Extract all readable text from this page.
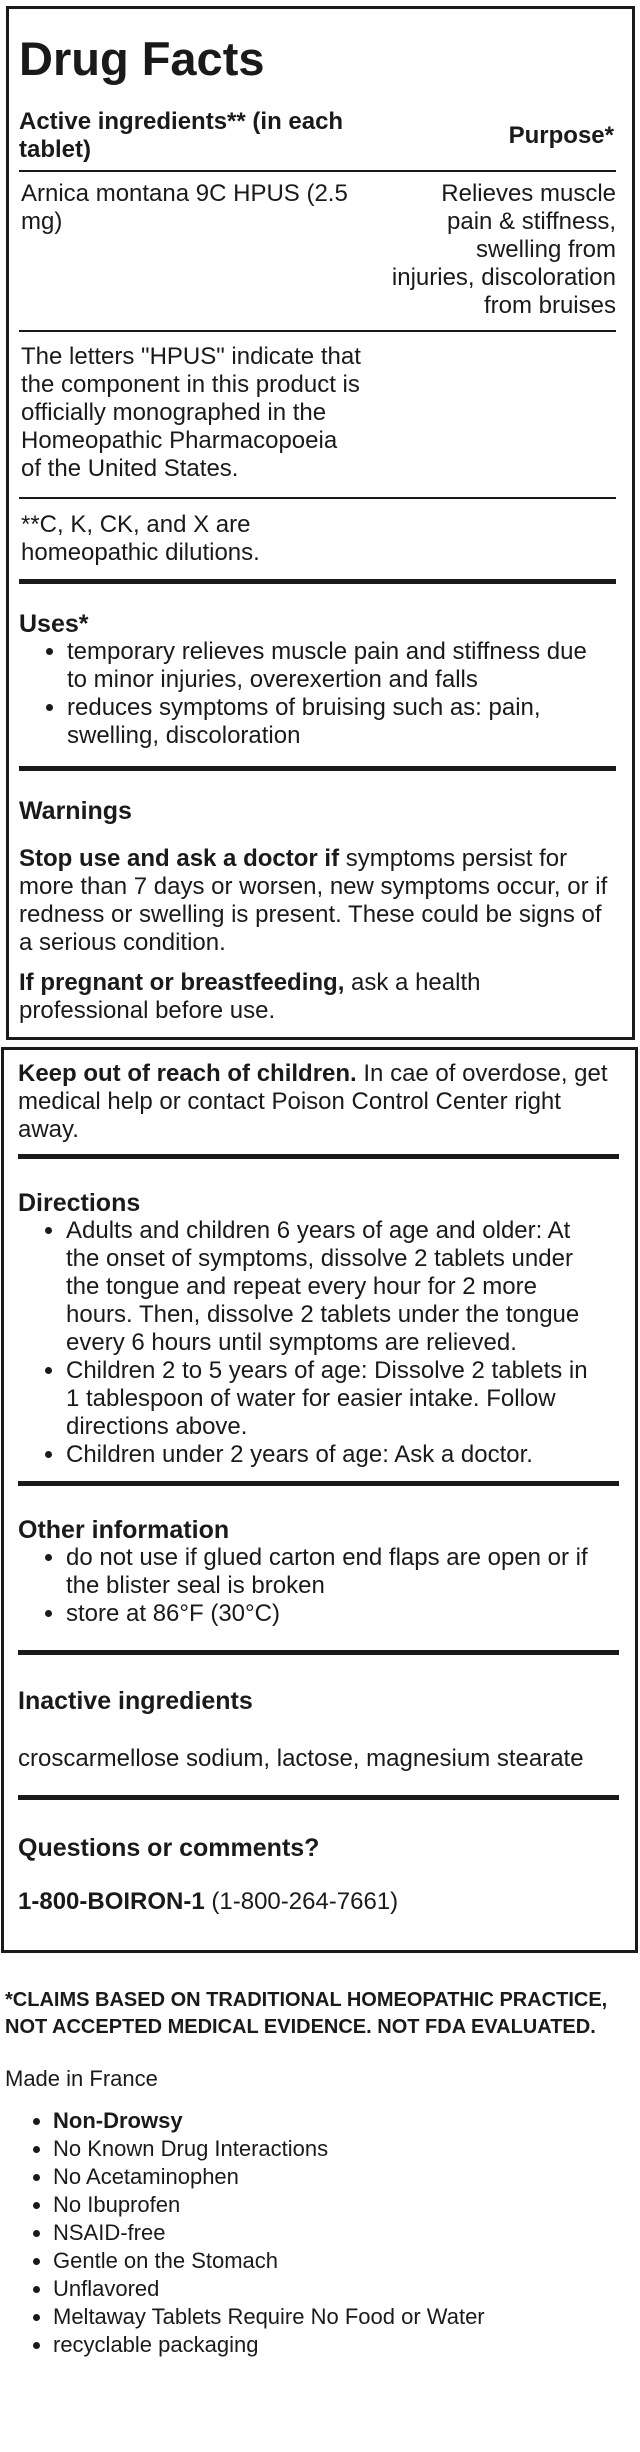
Drug Facts
Active ingredients** (in each tablet)
Purpose*
Arnica montana 9C HPUS (2.5 mg)
Relieves muscle
pain & stiffness,
swelling from
injuries, discoloration
from bruises
The letters "HPUS" indicate that the component in this product is officially monographed in the Homeopathic Pharmacopoeia of the United States.
**C, K, CK, and X are homeopathic dilutions.
Uses*
• temporary relieves muscle pain and stiffness due to minor injuries, overexertion and falls
• reduces symptoms of bruising such as: pain, swelling, discoloration
Warnings

Stop use and ask a doctor if symptoms persist for more than 7 days or worsen, new symptoms occur, or if redness or swelling is present. These could be signs of a serious condition.

If pregnant or breastfeeding, ask a health professional before use.

Keep out of reach of children. In cae of overdose, get medical help or contact Poison Control Center right away.

Directions
• Adults and children 6 years of age and older: At the onset of symptoms, dissolve 2 tablets under the tongue and repeat every hour for 2 more hours. Then, dissolve 2 tablets under the tongue every 6 hours until symptoms are relieved.
• Children 2 to 5 years of age: Dissolve 2 tablets in 1 tablespoon of water for easier intake. Follow directions above.
• Children under 2 years of age: Ask a doctor.
Other information
• do not use if glued carton end flaps are open or if the blister seal is broken
• store at 86°F (30°C)
Inactive ingredients

croscarmellose sodium, lactose, magnesium stearate

Questions or comments?

1-800-BOIRON-1 (1-800-264-7661)

*CLAIMS BASED ON TRADITIONAL HOMEOPATHIC PRACTICE, NOT ACCEPTED MEDICAL EVIDENCE. NOT FDA EVALUATED.
Made in France
• Non-Drowsy
• No Known Drug Interactions
• No Acetaminophen
• No Ibuprofen
• NSAID-free
• Gentle on the Stomach
• Unflavored
• Meltaway Tablets Require No Food or Water
• recyclable packaging
